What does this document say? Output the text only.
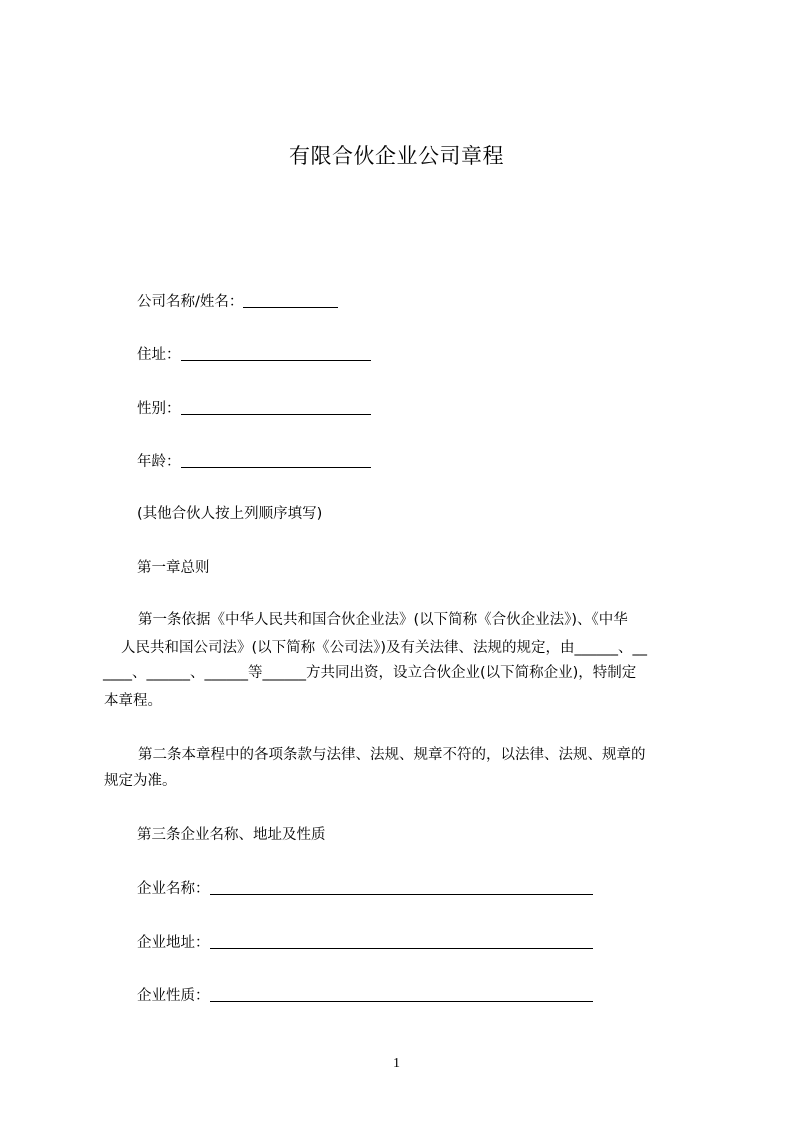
有限合伙企业公司章程
公司名称/姓名：
住址：
性别：
年龄：
(其他合伙人按上列顺序填写)
第一章总则
第一条依据《中华人民共和国合伙企业法》(以下简称《合伙企业法》)、《中华
人民共和国公司法》(以下简称《公司法》)及有关法律、法规的规定，由______、__
____、______、______等______方共同出资，设立合伙企业(以下简称企业)，特制定
本章程。
第二条本章程中的各项条款与法律、法规、规章不符的，以法律、法规、规章的
规定为准。
第三条企业名称、地址及性质
企业名称：
企业地址：
企业性质：
1
